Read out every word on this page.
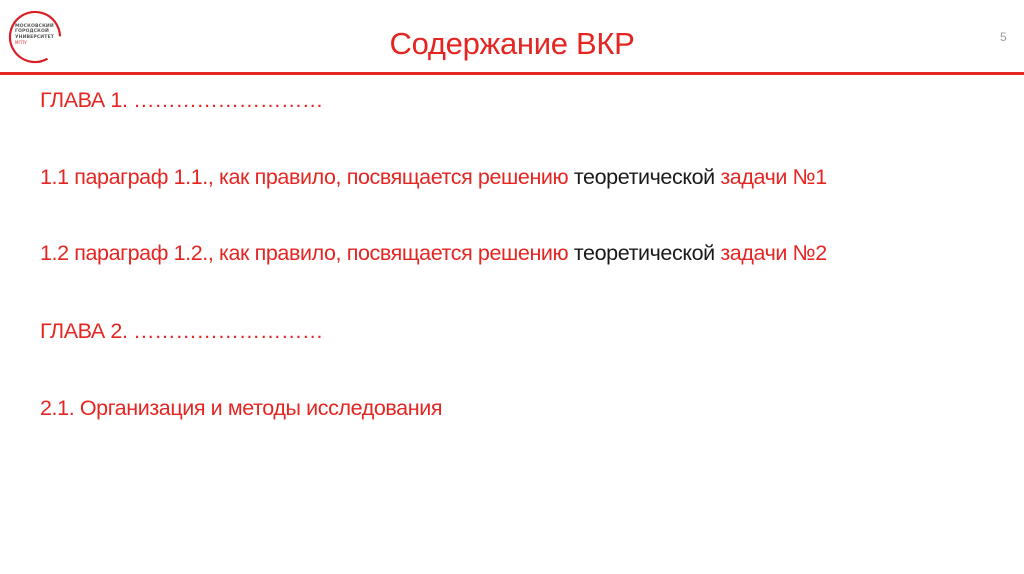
МОСКОВСКИЙ
ГОРОДСКОЙ
УНИВЕРСИТЕТ
МГПУ	Содержание ВКР	5
ГЛАВА 1. ………………………
1.1 параграф 1.1., как правило, посвящается решению теоретической задачи №1
1.2 параграф 1.2., как правило, посвящается решению теоретической задачи №2
ГЛАВА 2. ………………………
2.1. Организация и методы исследования
